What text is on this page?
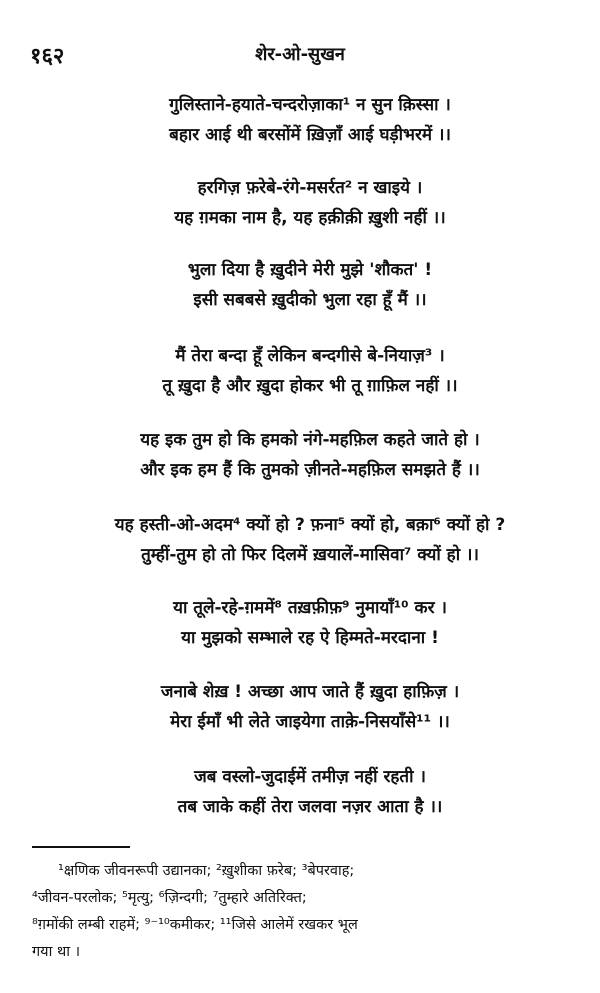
१६२	शेर-ओ-सुखन
गुलिस्ताने-हयाते-चन्दरोज़ाका¹ न सुन क़िस्सा ।
बहार आई थी बरसोंमें ख़िज़ाँ आई घड़ीभरमें ।।
हरगिज़ फ़रेबे-रंगे-मसर्रत² न खाइये ।
यह ग़मका नाम है, यह हक़ीक़ी ख़ुशी नहीं ।।
भुला दिया है ख़ुदीने मेरी मुझे 'शौकत' !
इसी सबबसे ख़ुदीको भुला रहा हूँ मैं ।।
मैं तेरा बन्दा हूँ लेकिन बन्दगीसे बे-नियाज़³ ।
तू ख़ुदा है और ख़ुदा होकर भी तू ग़ाफ़िल नहीं ।।
यह इक तुम हो कि हमको नंगे-महफ़िल कहते जाते हो ।
और इक हम हैं कि तुमको ज़ीनते-महफ़िल समझते हैं ।।
यह हस्ती-ओ-अदम⁴ क्यों हो ? फ़ना⁵ क्यों हो, बक़ा⁶ क्यों हो ?
तुम्हीं-तुम हो तो फिर दिलमें ख़यालें-मासिवा⁷ क्यों हो ।।
या तूले-रहे-ग़ममें⁸ तख़फ़ीफ़⁹ नुमायाँ¹⁰ कर ।
या मुझको सम्भाले रह ऐ हिम्मते-मरदाना !
जनाबे शेख़ ! अच्छा आप जाते हैं ख़ुदा हाफ़िज़ ।
मेरा ईमाँ भी लेते जाइयेगा ताक़े-निसयाँसे¹¹ ।।
जब वस्लो-जुदाईमें तमीज़ नहीं रहती ।
तब जाके कहीं तेरा जलवा नज़र आता है ।।
¹क्षणिक जीवनरूपी उद्यानका; ²ख़ुशीका फ़रेब; ³बेपरवाह;
⁴जीवन-परलोक; ⁵मृत्यु; ⁶ज़िन्दगी; ⁷तुम्हारे अतिरिक्त;
⁸ग़मोंकी लम्बी राहमें; ⁹⁻¹⁰कमीकर; ¹¹जिसे आलेमें रखकर भूल
गया था ।
